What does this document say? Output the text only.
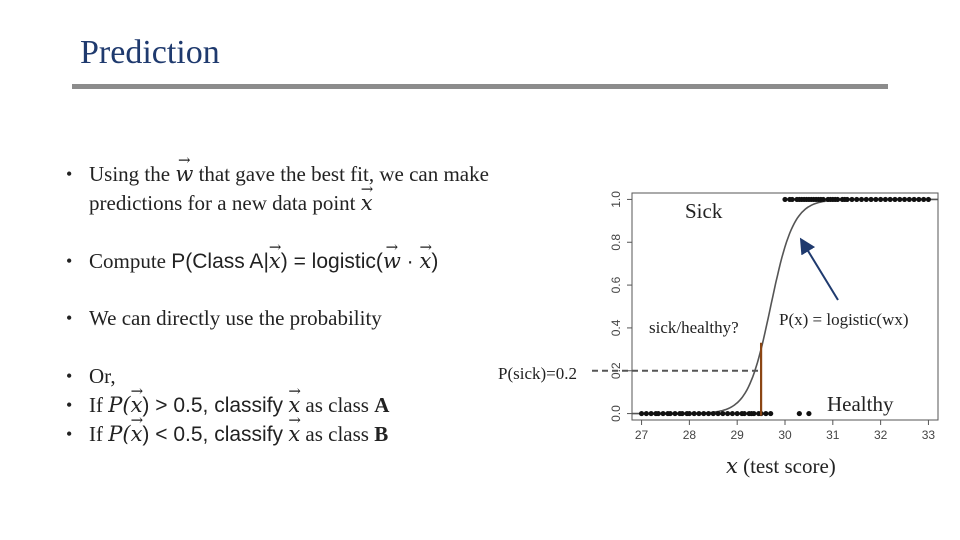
Prediction
• Using the → w that gave the best fit, we can make
predictions for a new data point → x
• Compute P(Class A|→ x) = logistic(→ w · → x)
• We can directly use the probability
• Or,
• If P(→ x) > 0.5, classify → x as class A
• If P(→ x) < 0.5, classify → x as class B	27	28	29	30	31	32	33
0.0
0.2
0.4
0.6
0.8
1.0	Sick
sick/healthy?
Healthy
P(sick)=0.2
P(x) = logistic(wx)
x (test score)
